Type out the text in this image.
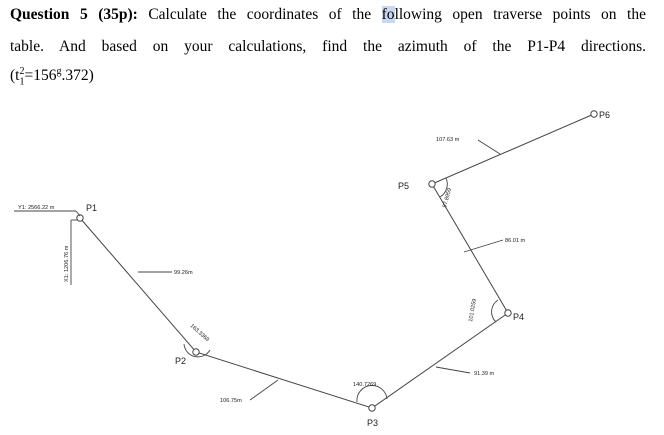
Question 5 (35p): Calculate the coordinates of the following open traverse points on the
table. And based on your calculations, find the azimuth of the P1-P4 directions.
$(t_1^2=156^g.372)$
P1
P2
P3
P4
P5
P6
Y1: 2566.22 m
X1: 1206.76 m	99.26m
106.75m
91.39 m
86.01 m
107.63 m
163.3369
140.7269
101.0259
97.8959
